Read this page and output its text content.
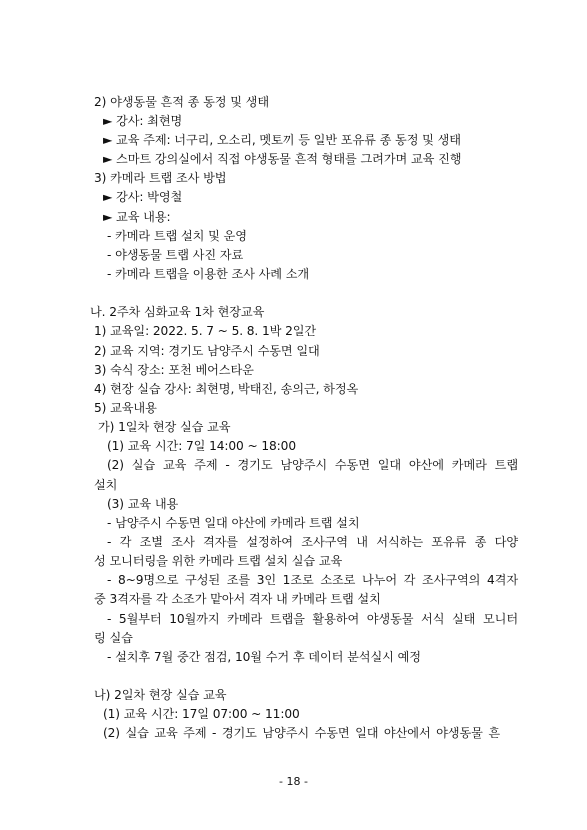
2) 야생동물 흔적 종 동정 및 생태
► 강사: 최현명
► 교육 주제: 너구리, 오소리, 멧토끼 등 일반 포유류 종 동정 및 생태
► 스마트 강의실에서 직접 야생동물 흔적 형태를 그려가며 교육 진행
3) 카메라 트랩 조사 방법
► 강사: 박영철
► 교육 내용:
- 카메라 트랩 설치 및 운영
- 야생동물 트랩 사진 자료
- 카메라 트랩을 이용한 조사 사례 소개
나. 2주차 심화교육 1차 현장교육
1) 교육일: 2022. 5. 7 ~ 5. 8. 1박 2일간
2) 교육 지역: 경기도 남양주시 수동면 일대
3) 숙식 장소: 포천 베어스타운
4) 현장 실습 강사: 최현명, 박태진, 송의근, 하정옥
5) 교육내용
가) 1일차 현장 실습 교육
(1) 교육 시간: 7일 14:00 ~ 18:00
(2) 실습 교육 주제 - 경기도 남양주시 수동면 일대 야산에 카메라 트랩
설치
(3) 교육 내용
- 남양주시 수동면 일대 야산에 카메라 트랩 설치
- 각 조별 조사 격자를 설정하여 조사구역 내 서식하는 포유류 종 다양
성 모니터링을 위한 카메라 트랩 설치 실습 교육
- 8~9명으로 구성된 조를 3인 1조로 소조로 나누어 각 조사구역의 4격자
중 3격자를 각 소조가 맡아서 격자 내 카메라 트랩 설치
- 5월부터 10월까지 카메라 트랩을 활용하여 야생동물 서식 실태 모니터
링 실습
- 설치후 7월 중간 점검, 10월 수거 후 데이터 분석실시 예정
나) 2일차 현장 실습 교육
(1) 교육 시간: 17일 07:00 ~ 11:00
(2) 실습 교육 주제 - 경기도 남양주시 수동면 일대 야산에서 야생동물 흔
- 18 -
